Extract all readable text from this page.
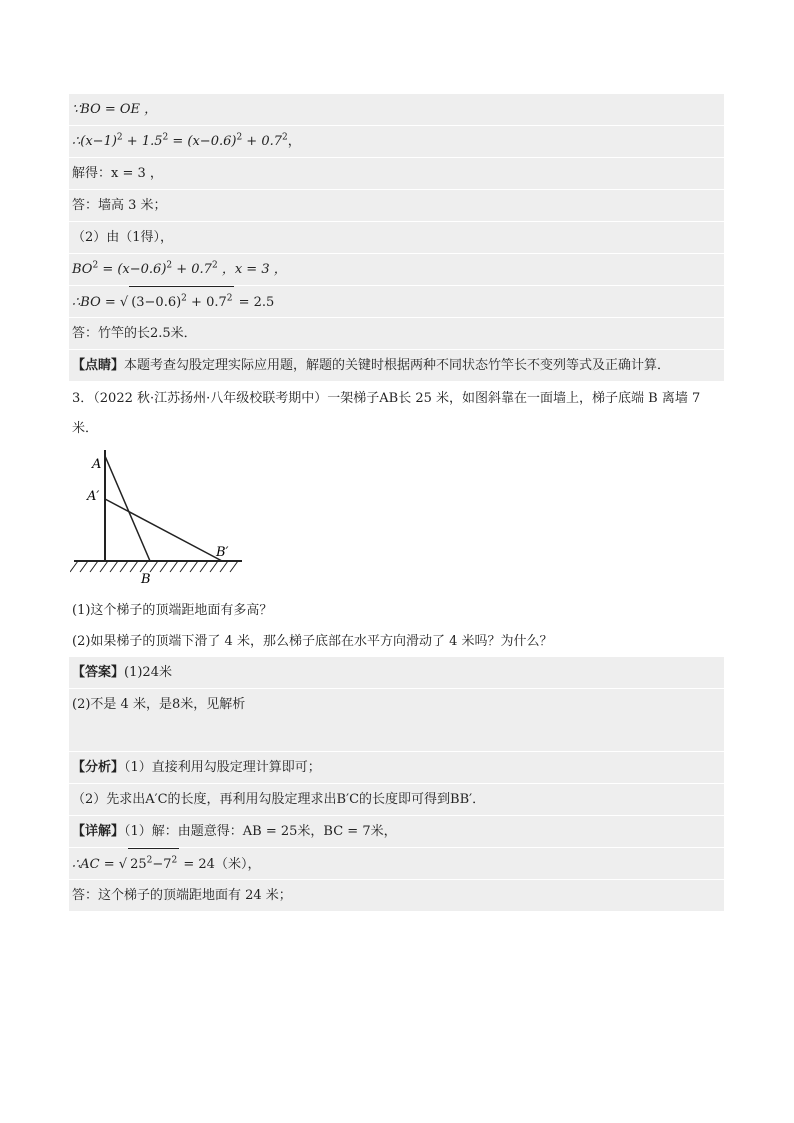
∵BO = OE ，
$\therefore(x-1)^2 + 1.5^2 = (x-0.6)^2 + 0.7^2$，
解得：x = 3 ，
答：墙高 3 米；
（2）由（1得），
$BO^2 = (x-0.6)^2 + 0.7^2$ ，x = 3 ，
∴BO = √ $(3-0.6)^2 + 0.7^2 = 2.5$
答：竹竿的长2.5米．
【点睛】本题考查勾股定理实际应用题，解题的关键时根据两种不同状态竹竿长不变列等式及正确计算．
3．（2022 秋·江苏扬州·八年级校联考期中）一架梯子AB长 25 米，如图斜靠在一面墙上，梯子底端 B 离墙 7
米．
A
A′
B
B′
(1)这个梯子的顶端距地面有多高？
(2)如果梯子的顶端下滑了 4 米，那么梯子底部在水平方向滑动了 4 米吗？为什么？
【答案】(1)24米
(2)不是 4 米，是8米，见解析
【分析】（1）直接利用勾股定理计算即可；
（2）先求出A′C的长度，再利用勾股定理求出B′C的长度即可得到BB′．
【详解】（1）解：由题意得：AB = 25米，BC = 7米，
∴AC = √ $25^2-7^2 = 24$（米），
答：这个梯子的顶端距地面有 24 米；
